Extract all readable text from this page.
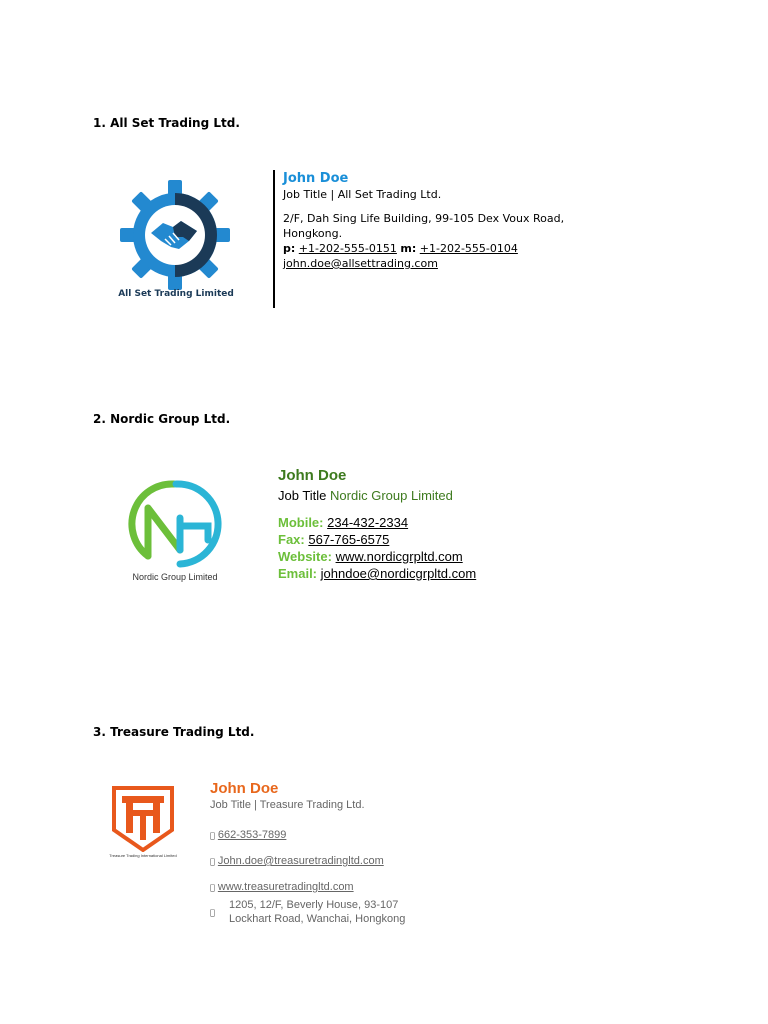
1. All Set Trading Ltd.
All Set Trading Limited
John Doe
Job Title | All Set Trading Ltd.
2/F, Dah Sing Life Building, 99-105 Dex Voux Road,
Hongkong.
p: +1-202-555-0151 m: +1-202-555-0104
john.doe@allsettrading.com
2. Nordic Group Ltd.
Nordic Group Limited
John Doe
Job Title Nordic Group Limited
Mobile: 234-432-2334
Fax: 567-765-6575
Website: www.nordicgrpltd.com
Email: johndoe@nordicgrpltd.com
3. Treasure Trading Ltd.
Treasure Trading International Limited
John Doe
Job Title | Treasure Trading Ltd.
662-353-7899
John.doe@treasuretradingltd.com
www.treasuretradingltd.com
1205, 12/F, Beverly House, 93-107
Lockhart Road, Wanchai, Hongkong
